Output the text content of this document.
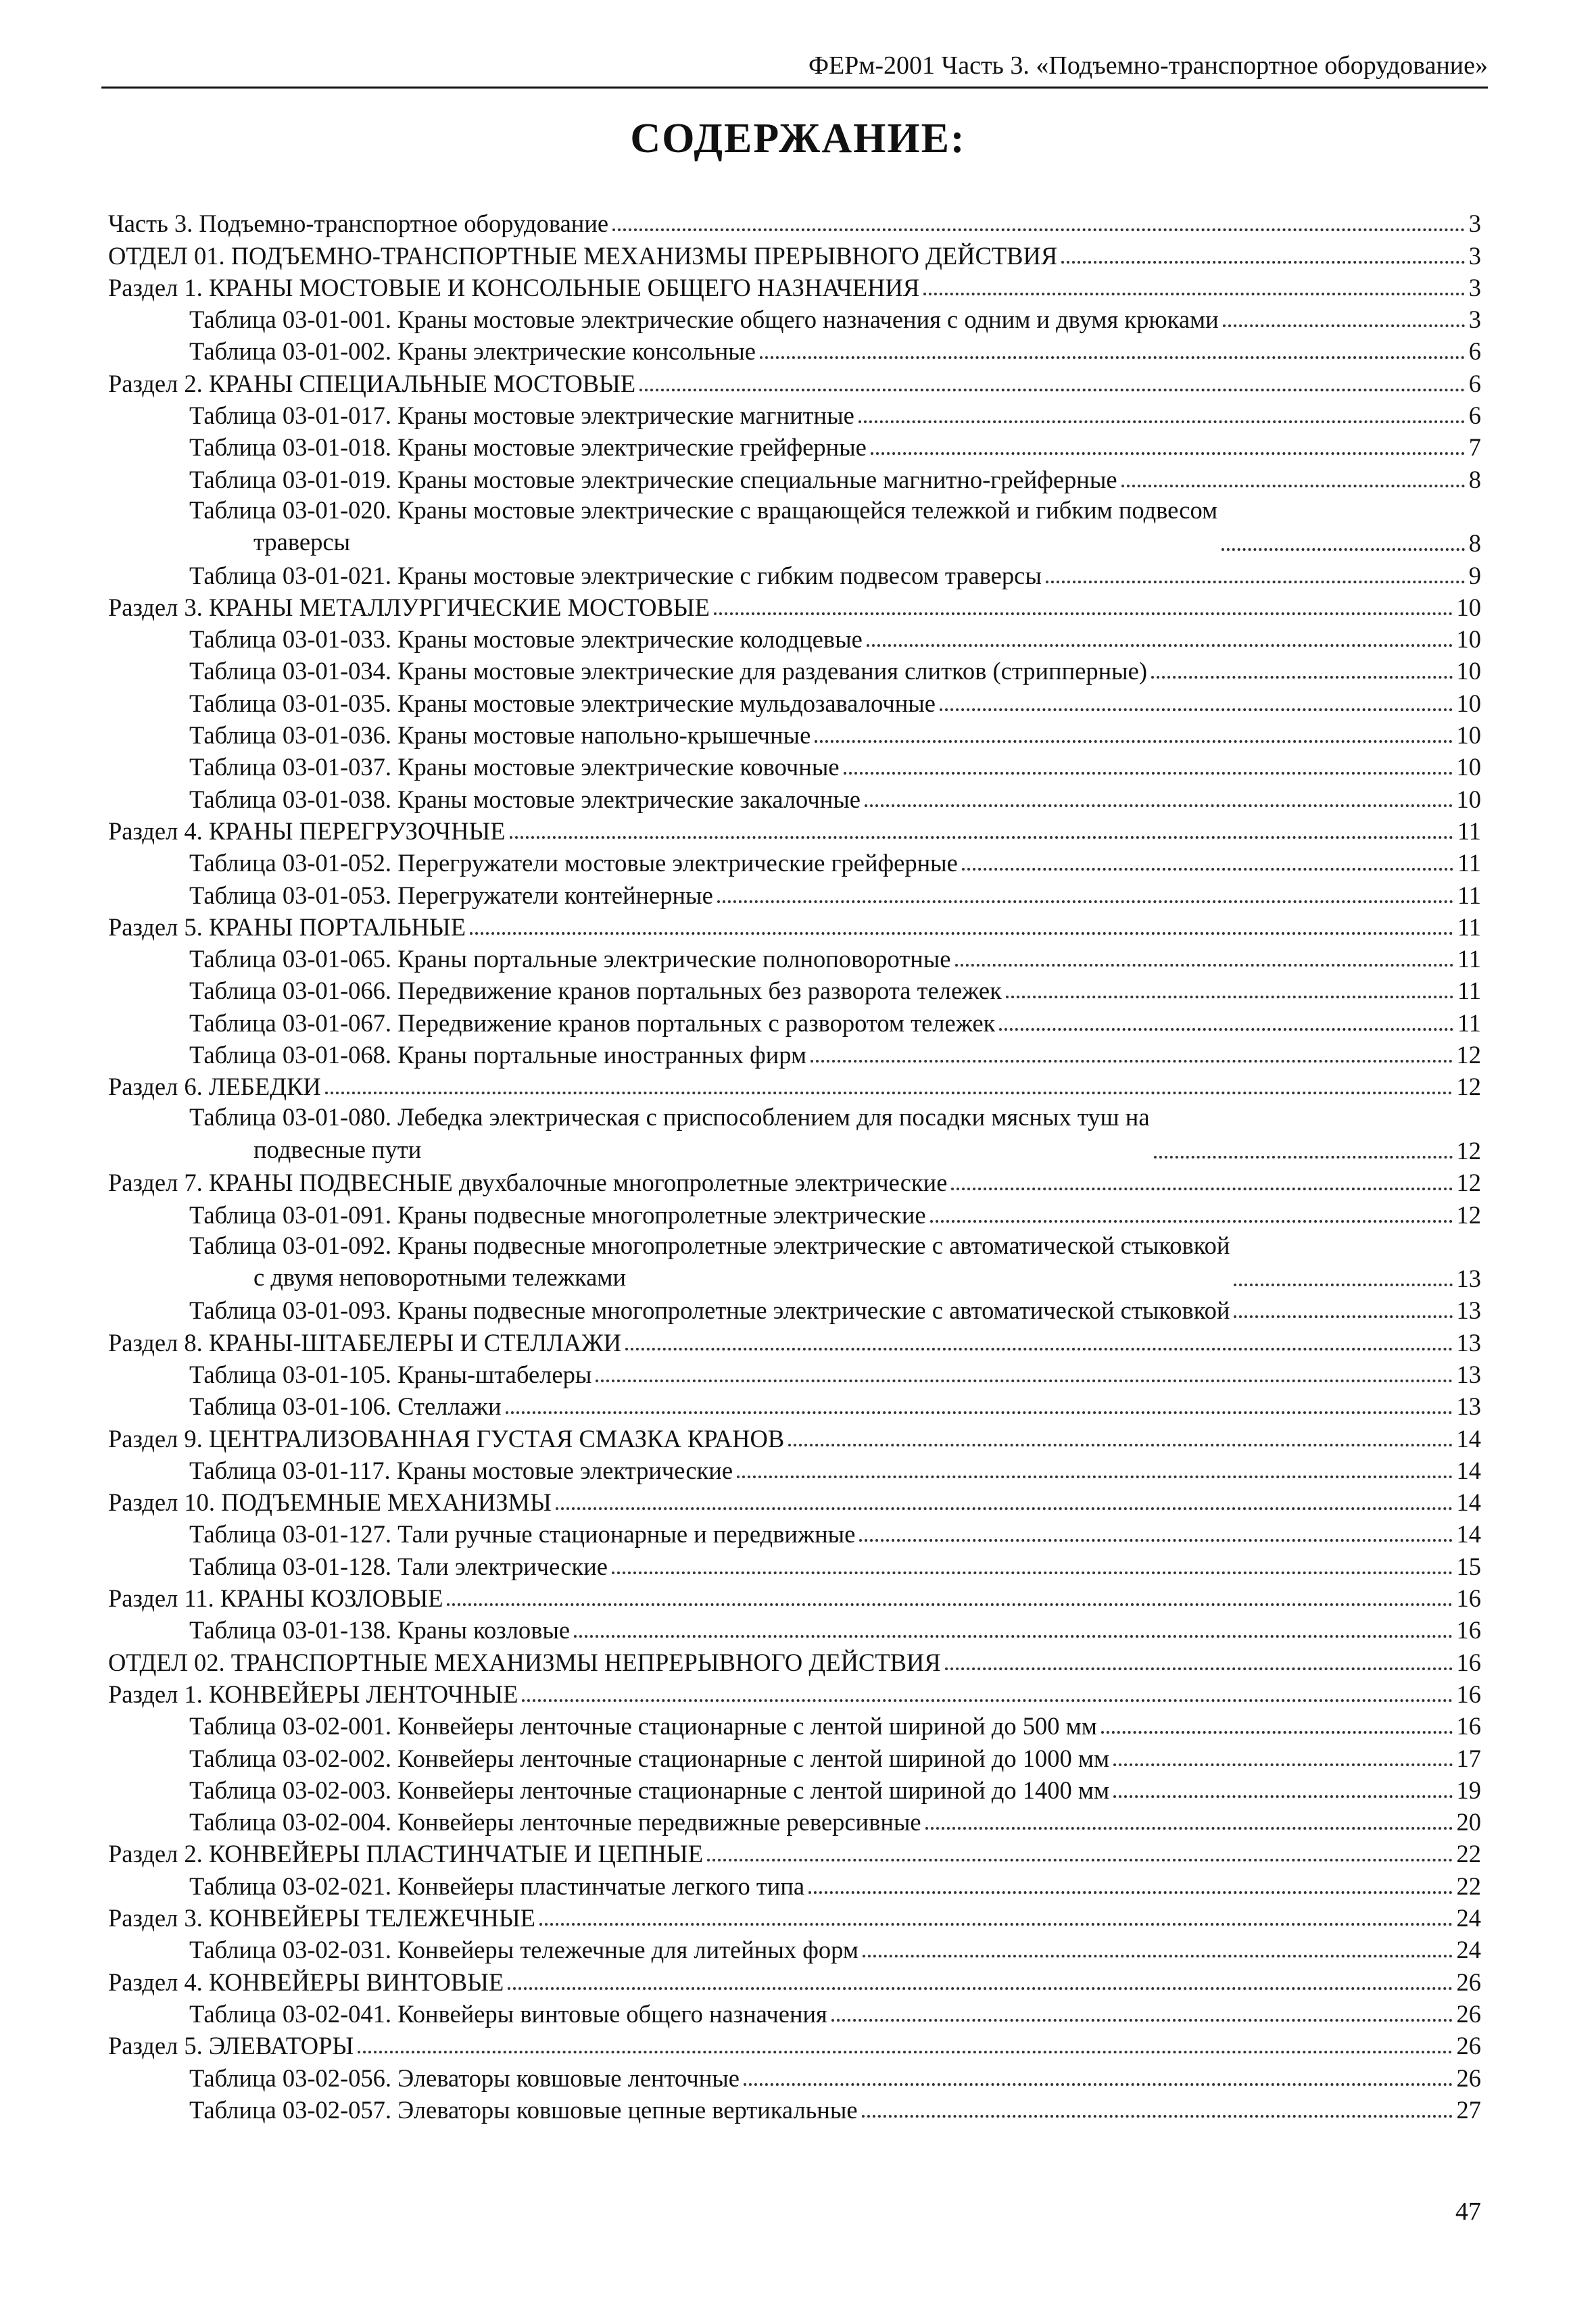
ФЕРм-2001 Часть 3. «Подъемно-транспортное оборудование»
СОДЕРЖАНИЕ:
Часть 3. Подъемно-транспортное оборудование	3
ОТДЕЛ 01. ПОДЪЕМНО-ТРАНСПОРТНЫЕ МЕХАНИЗМЫ ПРЕРЫВНОГО ДЕЙСТВИЯ	3
Раздел 1. КРАНЫ МОСТОВЫЕ И КОНСОЛЬНЫЕ ОБЩЕГО НАЗНАЧЕНИЯ	3
Таблица 03-01-001. Краны мостовые электрические общего назначения с одним и двумя крюками	3
Таблица 03-01-002. Краны электрические консольные	6
Раздел 2. КРАНЫ СПЕЦИАЛЬНЫЕ МОСТОВЫЕ	6
Таблица 03-01-017. Краны мостовые электрические магнитные	6
Таблица 03-01-018. Краны мостовые электрические грейферные	7
Таблица 03-01-019. Краны мостовые электрические специальные магнитно-грейферные	8
Таблица 03-01-020. Краны мостовые электрические с вращающейся тележкой и гибким подвесом
траверсы	8
Таблица 03-01-021. Краны мостовые электрические с гибким подвесом траверсы	9
Раздел 3. КРАНЫ МЕТАЛЛУРГИЧЕСКИЕ МОСТОВЫЕ	10
Таблица 03-01-033. Краны мостовые электрические колодцевые	10
Таблица 03-01-034. Краны мостовые электрические для раздевания слитков (стрипперные)	10
Таблица 03-01-035. Краны мостовые электрические мульдозавалочные	10
Таблица 03-01-036. Краны мостовые напольно-крышечные	10
Таблица 03-01-037. Краны мостовые электрические ковочные	10
Таблица 03-01-038. Краны мостовые электрические закалочные	10
Раздел 4. КРАНЫ ПЕРЕГРУЗОЧНЫЕ	11
Таблица 03-01-052. Перегружатели мостовые электрические грейферные	11
Таблица 03-01-053. Перегружатели контейнерные	11
Раздел 5. КРАНЫ ПОРТАЛЬНЫЕ	11
Таблица 03-01-065. Краны портальные электрические полноповоротные	11
Таблица 03-01-066. Передвижение кранов портальных без разворота тележек	11
Таблица 03-01-067. Передвижение кранов портальных с разворотом тележек	11
Таблица 03-01-068. Краны портальные иностранных фирм	12
Раздел 6. ЛЕБЕДКИ	12
Таблица 03-01-080. Лебедка электрическая с приспособлением для посадки мясных туш на
подвесные пути	12
Раздел 7. КРАНЫ ПОДВЕСНЫЕ двухбалочные многопролетные электрические	12
Таблица 03-01-091. Краны подвесные многопролетные электрические	12
Таблица 03-01-092. Краны подвесные многопролетные электрические с автоматической стыковкой
с двумя неповоротными тележками	13
Таблица 03-01-093. Краны подвесные многопролетные электрические с автоматической стыковкой	13
Раздел 8. КРАНЫ-ШТАБЕЛЕРЫ И СТЕЛЛАЖИ	13
Таблица 03-01-105. Краны-штабелеры	13
Таблица 03-01-106. Стеллажи	13
Раздел 9. ЦЕНТРАЛИЗОВАННАЯ ГУСТАЯ СМАЗКА КРАНОВ	14
Таблица 03-01-117. Краны мостовые электрические	14
Раздел 10. ПОДЪЕМНЫЕ МЕХАНИЗМЫ	14
Таблица 03-01-127. Тали ручные стационарные и передвижные	14
Таблица 03-01-128. Тали электрические	15
Раздел 11. КРАНЫ КОЗЛОВЫЕ	16
Таблица 03-01-138. Краны козловые	16
ОТДЕЛ 02. ТРАНСПОРТНЫЕ МЕХАНИЗМЫ НЕПРЕРЫВНОГО ДЕЙСТВИЯ	16
Раздел 1. КОНВЕЙЕРЫ ЛЕНТОЧНЫЕ	16
Таблица 03-02-001. Конвейеры ленточные стационарные с лентой шириной до 500 мм	16
Таблица 03-02-002. Конвейеры ленточные стационарные с лентой шириной до 1000 мм	17
Таблица 03-02-003. Конвейеры ленточные стационарные с лентой шириной до 1400 мм	19
Таблица 03-02-004. Конвейеры ленточные передвижные реверсивные	20
Раздел 2. КОНВЕЙЕРЫ ПЛАСТИНЧАТЫЕ И ЦЕПНЫЕ	22
Таблица 03-02-021. Конвейеры пластинчатые легкого типа	22
Раздел 3. КОНВЕЙЕРЫ ТЕЛЕЖЕЧНЫЕ	24
Таблица 03-02-031. Конвейеры тележечные для литейных форм	24
Раздел 4. КОНВЕЙЕРЫ ВИНТОВЫЕ	26
Таблица 03-02-041. Конвейеры винтовые общего назначения	26
Раздел 5. ЭЛЕВАТОРЫ	26
Таблица 03-02-056. Элеваторы ковшовые ленточные	26
Таблица 03-02-057. Элеваторы ковшовые цепные вертикальные	27
47
